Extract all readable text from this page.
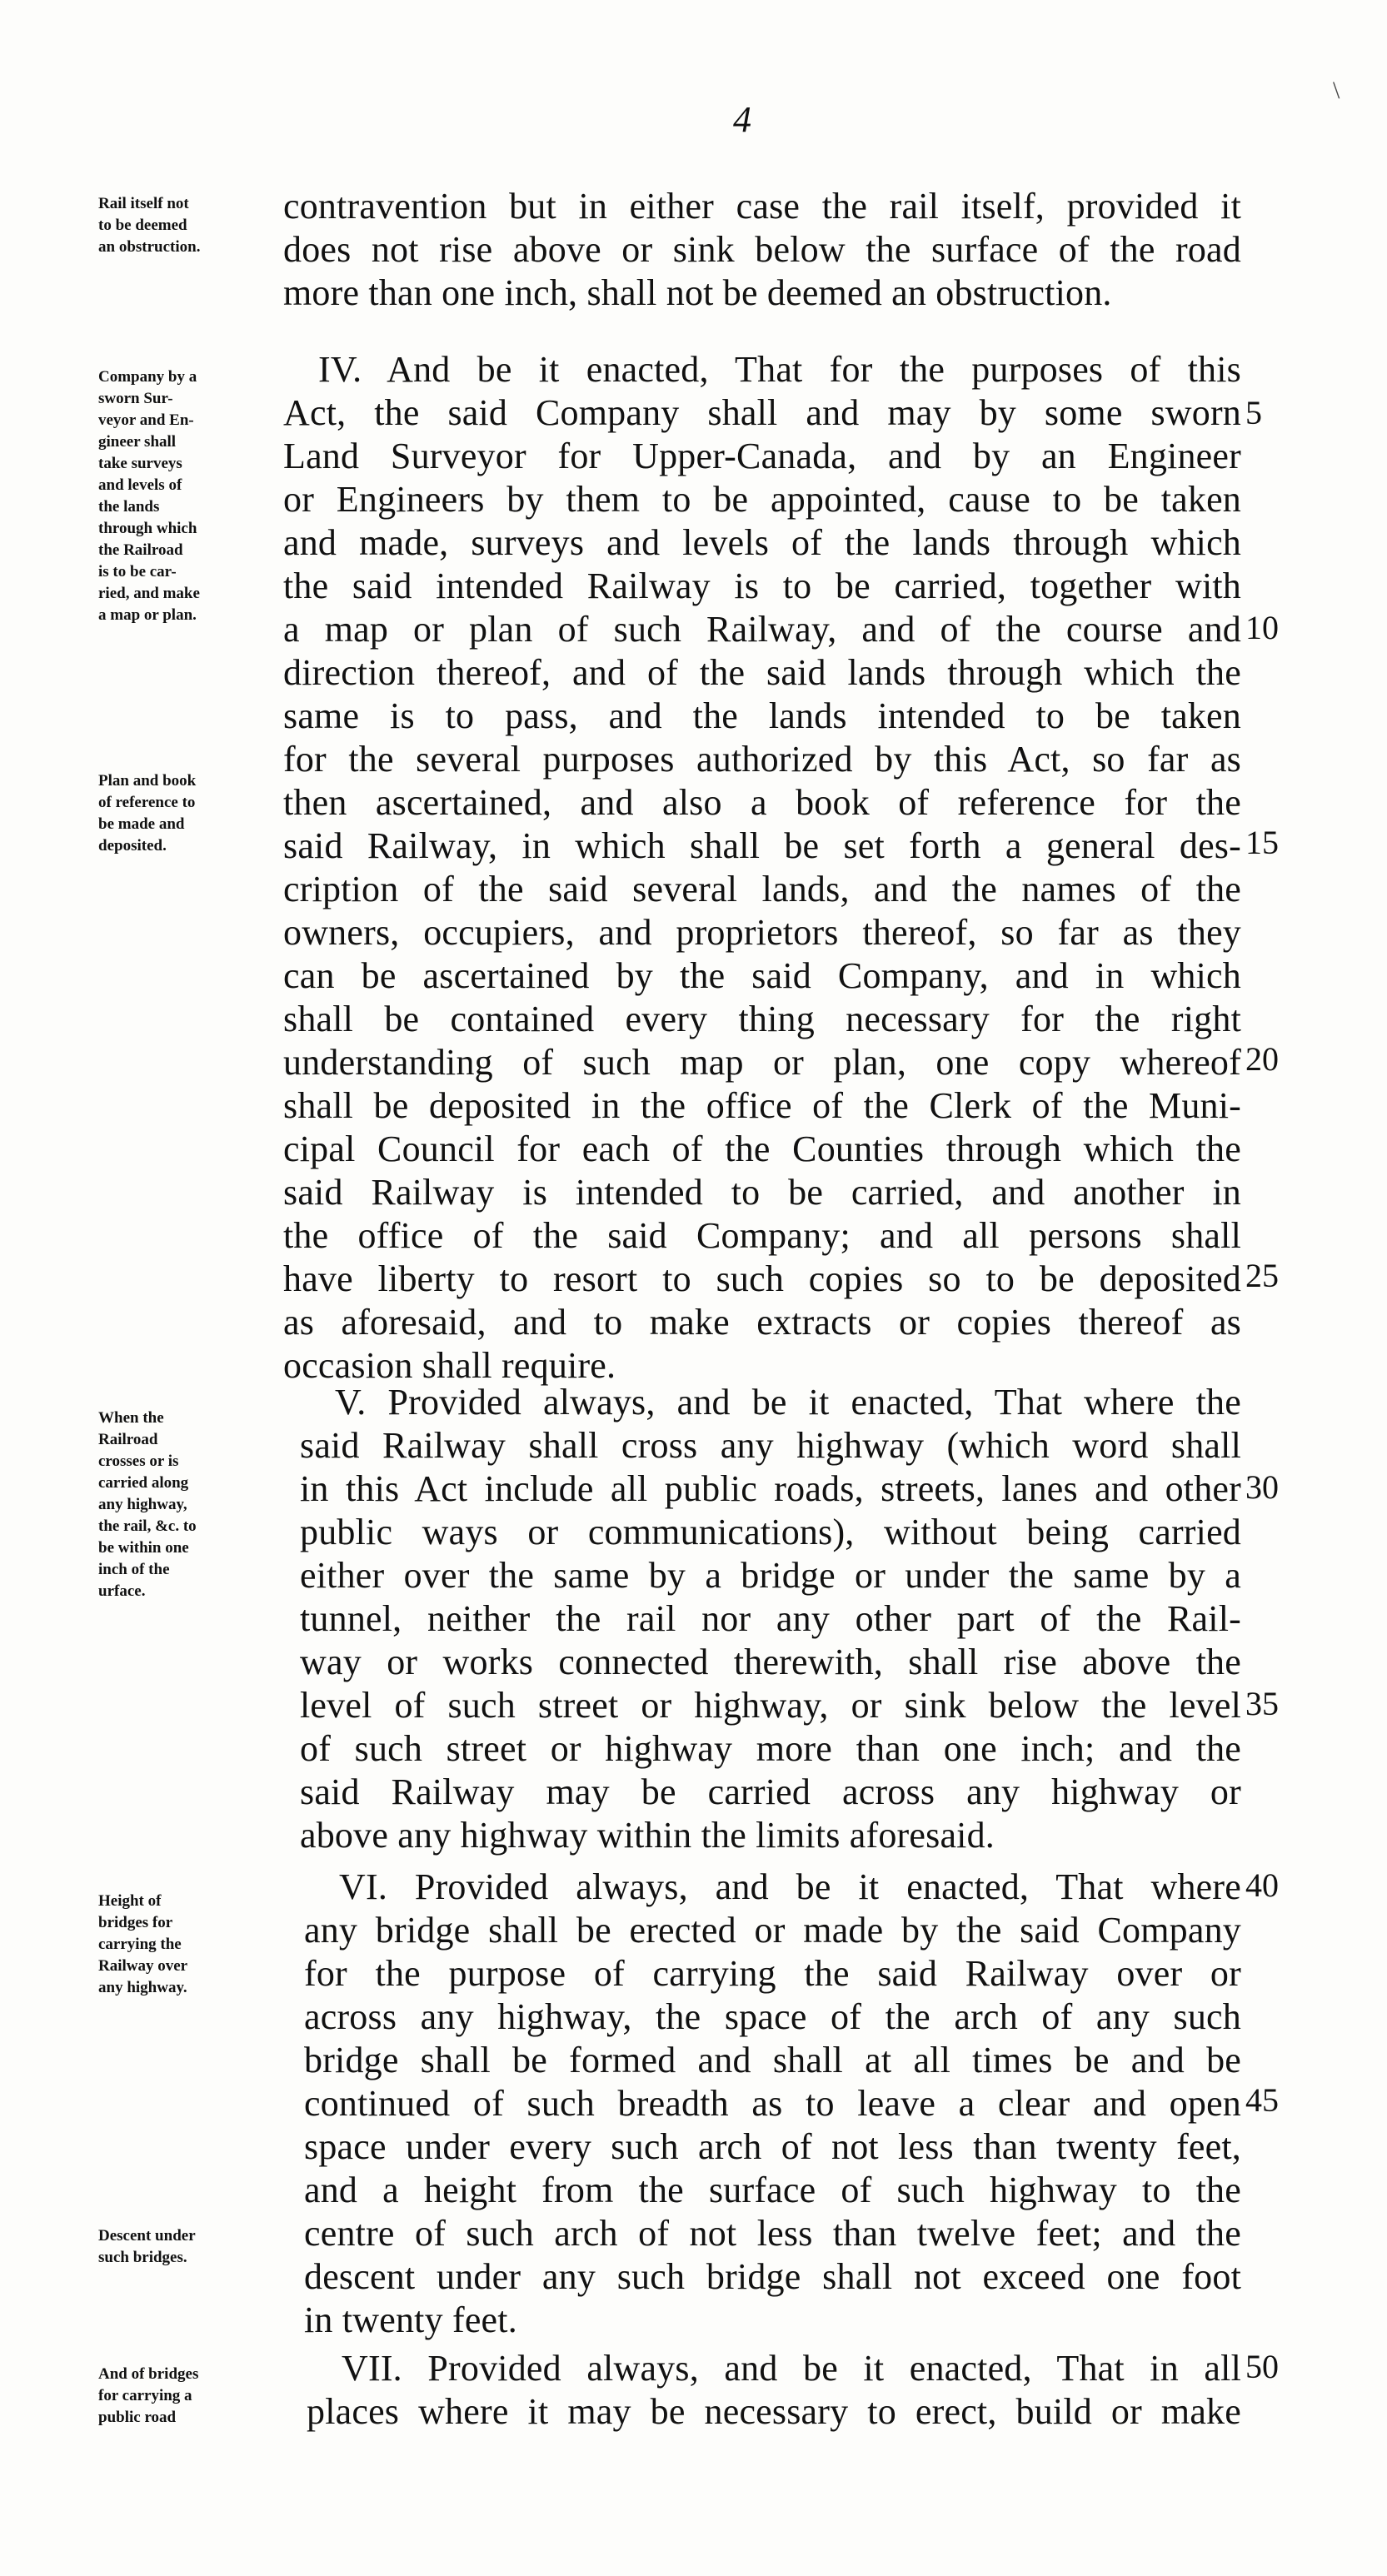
4
\
Rail itself not
to be deemed
an obstruction.
contravention but in either case the rail itself, provided it
does not rise above or sink below the surface of the road
more than one inch, shall not be deemed an obstruction.
Company by a
sworn Sur-
veyor and En-
gineer shall
take surveys
and levels of
the lands
through which
the Railroad
is to be car-
ried, and make
a map or plan.
Plan and book
of reference to
be made and
deposited.
IV. And be it enacted, That for the purposes of this
Act, the said Company shall and may by some sworn
Land Surveyor for Upper-Canada, and by an Engineer
or Engineers by them to be appointed, cause to be taken
and made, surveys and levels of the lands through which
the said intended Railway is to be carried, together with
a map or plan of such Railway, and of the course and
direction thereof, and of the said lands through which the
same is to pass, and the lands intended to be taken
for the several purposes authorized by this Act, so far as
then ascertained, and also a book of reference for the
said Railway, in which shall be set forth a general des-
cription of the said several lands, and the names of the
owners, occupiers, and proprietors thereof, so far as they
can be ascertained by the said Company, and in which
shall be contained every thing necessary for the right
understanding of such map or plan, one copy whereof
shall be deposited in the office of the Clerk of the Muni-
cipal Council for each of the Counties through which the
said Railway is intended to be carried, and another in
the office of the said Company; and all persons shall
have liberty to resort to such copies so to be deposited
as aforesaid, and to make extracts or copies thereof as
occasion shall require.
When the
Railroad
crosses or is
carried along
any highway,
the rail, &c. to
be within one
inch of the
urface.
V. Provided always, and be it enacted, That where the
said Railway shall cross any highway (which word shall
in this Act include all public roads, streets, lanes and other
public ways or communications), without being carried
either over the same by a bridge or under the same by a
tunnel, neither the rail nor any other part of the Rail-
way or works connected therewith, shall rise above the
level of such street or highway, or sink below the level
of such street or highway more than one inch; and the
said Railway may be carried across any highway or
above any highway within the limits aforesaid.
Height of
bridges for
carrying the
Railway over
any highway.
Descent under
such bridges.
VI. Provided always, and be it enacted, That where
any bridge shall be erected or made by the said Company
for the purpose of carrying the said Railway over or
across any highway, the space of the arch of any such
bridge shall be formed and shall at all times be and be
continued of such breadth as to leave a clear and open
space under every such arch of not less than twenty feet,
and a height from the surface of such highway to the
centre of such arch of not less than twelve feet; and the
descent under any such bridge shall not exceed one foot
in twenty feet.
And of bridges
for carrying a
public road
VII. Provided always, and be it enacted, That in all
places where it may be necessary to erect, build or make
5
10
15
20
25
30
35
40
45
50
